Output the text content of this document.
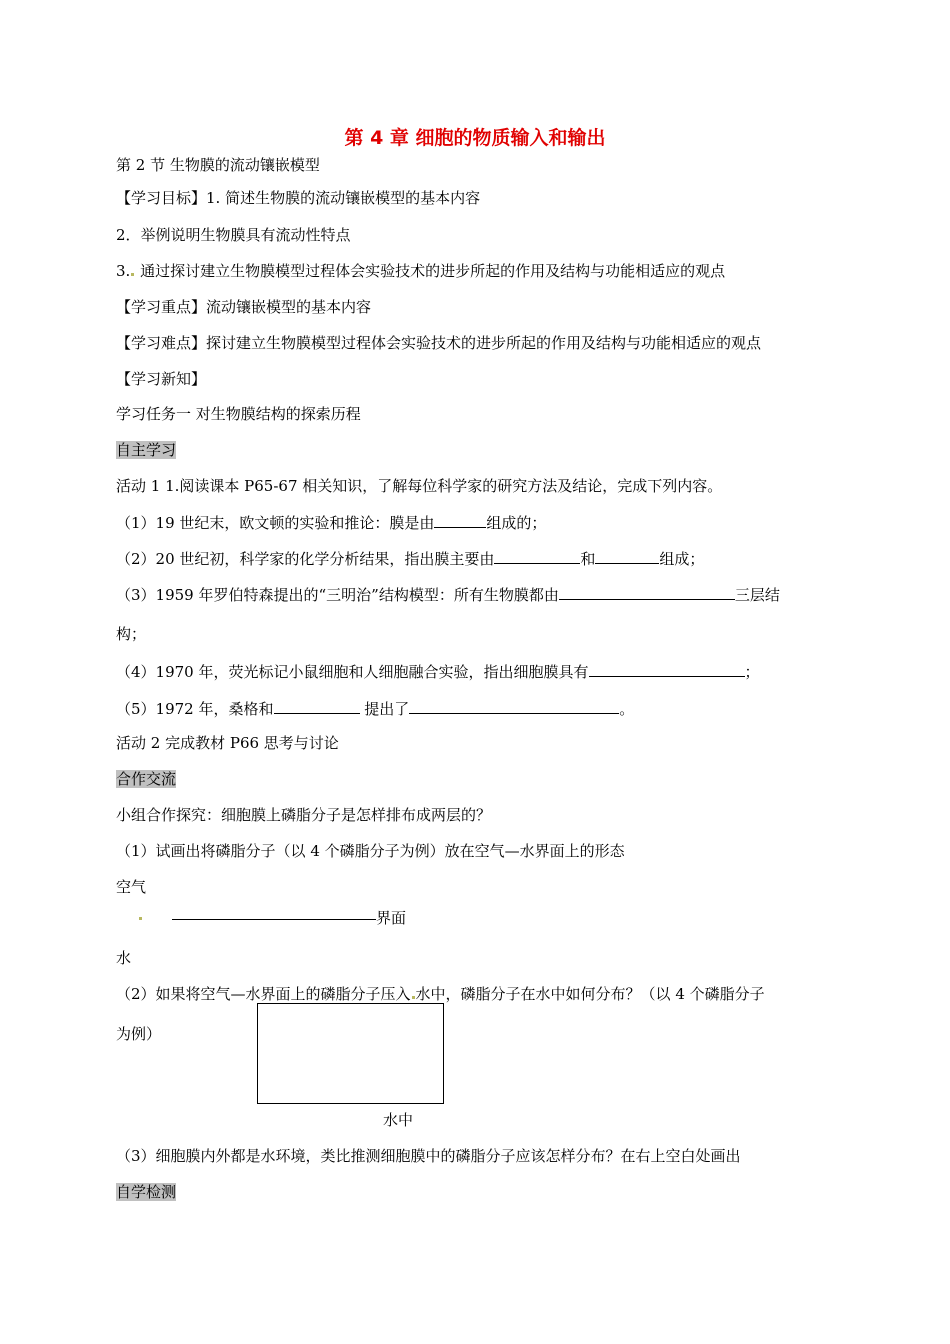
第 4 章 细胞的物质输入和输出
第 2 节 生物膜的流动镶嵌模型
【学习目标】1. 简述生物膜的流动镶嵌模型的基本内容
2．举例说明生物膜具有流动性特点
3. 通过探讨建立生物膜模型过程体会实验技术的进步所起的作用及结构与功能相适应的观点
【学习重点】流动镶嵌模型的基本内容
【学习难点】探讨建立生物膜模型过程体会实验技术的进步所起的作用及结构与功能相适应的观点
【学习新知】
学习任务一 对生物膜结构的探索历程
自主学习
活动 1 1.阅读课本 P65-67 相关知识，了解每位科学家的研究方法及结论，完成下列内容。
（1）19 世纪末，欧文顿的实验和推论：膜是由	组成的；
（2）20 世纪初，科学家的化学分析结果，指出膜主要由	和	组成；
（3）1959 年罗伯特森提出的“三明治”结构模型：所有生物膜都由	三层结
构；
（4）1970 年，荧光标记小鼠细胞和人细胞融合实验，指出细胞膜具有	；
（5）1972 年，桑格和	提出了	。
活动 2 完成教材 P66 思考与讨论
合作交流
小组合作探究：细胞膜上磷脂分子是怎样排布成两层的？
（1）试画出将磷脂分子（以 4 个磷脂分子为例）放在空气—水界面上的形态
空气
界面
水
（2）如果将空气—水界面上的磷脂分子压入 水中，磷脂分子在水中如何分布？（以 4 个磷脂分子
为例）
水中
（3）细胞膜内外都是水环境，类比推测细胞膜中的磷脂分子应该怎样分布？在右上空白处画出
自学检测
